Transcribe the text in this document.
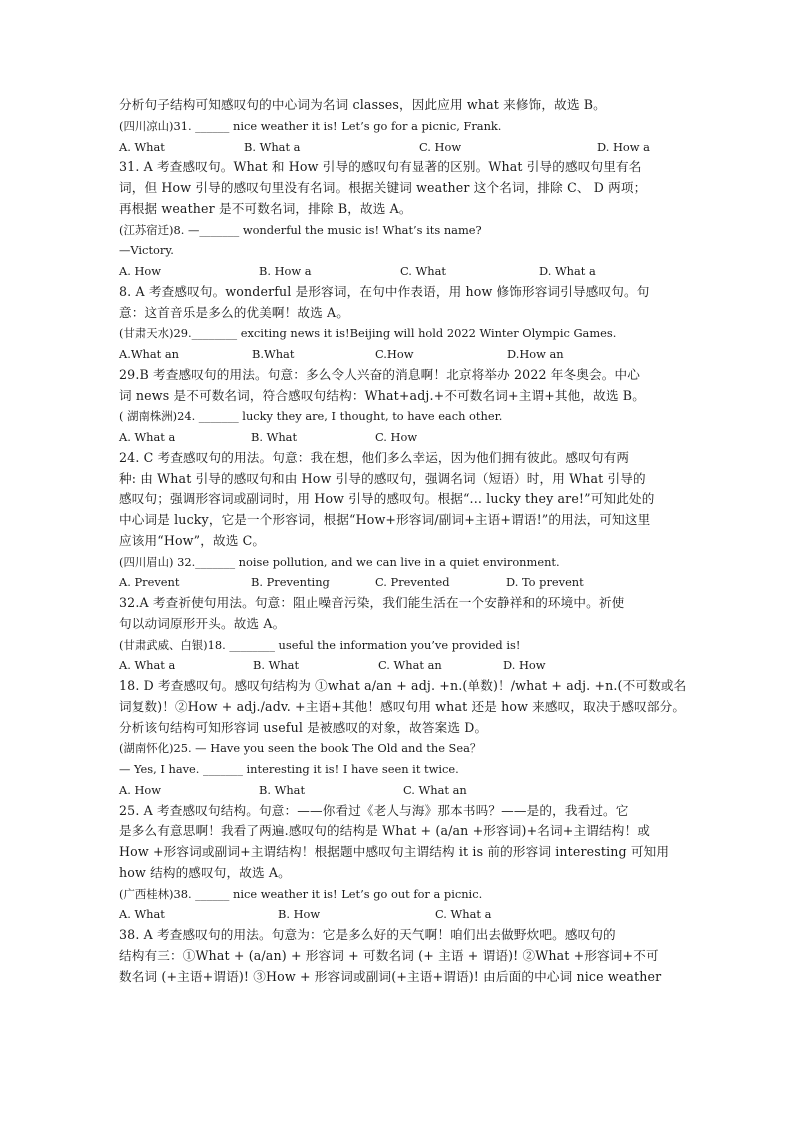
分析句子结构可知感叹句的中心词为名词 classes，因此应用 what 来修饰，故选 B。
(四川凉山)31. ______ nice weather it is! Let’s go for a picnic, Frank.
A. What	B. What a	C. How	D. How a
31. A 考查感叹句。What 和 How 引导的感叹句有显著的区别。What 引导的感叹句里有名
词，但 How 引导的感叹句里没有名词。根据关键词 weather 这个名词，排除 C、 D 两项；
再根据 weather 是不可数名词，排除 B，故选 A。
(江苏宿迁)8. —_______ wonderful the music is! What’s its name?
—Victory.
A. How	B. How a	C. What	D. What a
8. A 考查感叹句。wonderful 是形容词，在句中作表语，用 how 修饰形容词引导感叹句。句
意：这首音乐是多么的优美啊！故选 A。
(甘肃天水)29.________ exciting news it is!Beijing will hold 2022 Winter Olympic Games.
A.What an	B.What	C.How	D.How an
29.B 考查感叹句的用法。句意：多么令人兴奋的消息啊！北京将举办 2022 年冬奥会。中心
词 news 是不可数名词，符合感叹句结构：What+adj.+不可数名词+主谓+其他，故选 B。
( 湖南株洲)24. _______ lucky they are, I thought, to have each other.
A. What a	B. What	C. How
24. C 考查感叹句的用法。句意：我在想，他们多么幸运，因为他们拥有彼此。感叹句有两
种: 由 What 引导的感叹句和由 How 引导的感叹句，强调名词（短语）时，用 What 引导的
感叹句；强调形容词或副词时，用 How 引导的感叹句。根据“... lucky they are!”可知此处的
中心词是 lucky，它是一个形容词，根据“How+形容词/副词+主语+谓语!”的用法，可知这里
应该用“How”，故选 C。
(四川眉山) 32._______ noise pollution, and we can live in a quiet environment.
A. Prevent	B. Preventing	C. Prevented	D. To prevent
32.A 考查祈使句用法。句意：阻止噪音污染，我们能生活在一个安静祥和的环境中。祈使
句以动词原形开头。故选 A。
(甘肃武威、白银)18. ________ useful the information you’ve provided is!
A. What a	B. What	C. What an	D. How
18. D 考查感叹句。感叹句结构为 ①what a/an + adj. +n.(单数)！/what + adj. +n.(不可数或名
词复数)！②How + adj./adv. +主语+其他！感叹句用 what 还是 how 来感叹，取决于感叹部分。
分析该句结构可知形容词 useful 是被感叹的对象，故答案选 D。
(湖南怀化)25. — Have you seen the book The Old and the Sea？
— Yes, I have. _______ interesting it is! I have seen it twice.
A. How	B. What	C. What an
25. A 考查感叹句结构。句意：——你看过《老人与海》那本书吗？——是的，我看过。它
是多么有意思啊！我看了两遍.感叹句的结构是 What + (a/an +形容词)+名词+主谓结构！或
How +形容词或副词+主谓结构！根据题中感叹句主谓结构 it is 前的形容词 interesting 可知用
how 结构的感叹句，故选 A。
(广西桂林)38. ______ nice weather it is! Let’s go out for a picnic.
A. What	B. How	C. What a
38. A 考查感叹句的用法。句意为：它是多么好的天气啊！咱们出去做野炊吧。感叹句的
结构有三：①What + (a/an) + 形容词 + 可数名词 (+ 主语 + 谓语)! ②What +形容词+不可
数名词 (+主语+谓语)! ③How + 形容词或副词(+主语+谓语)! 由后面的中心词 nice weather
